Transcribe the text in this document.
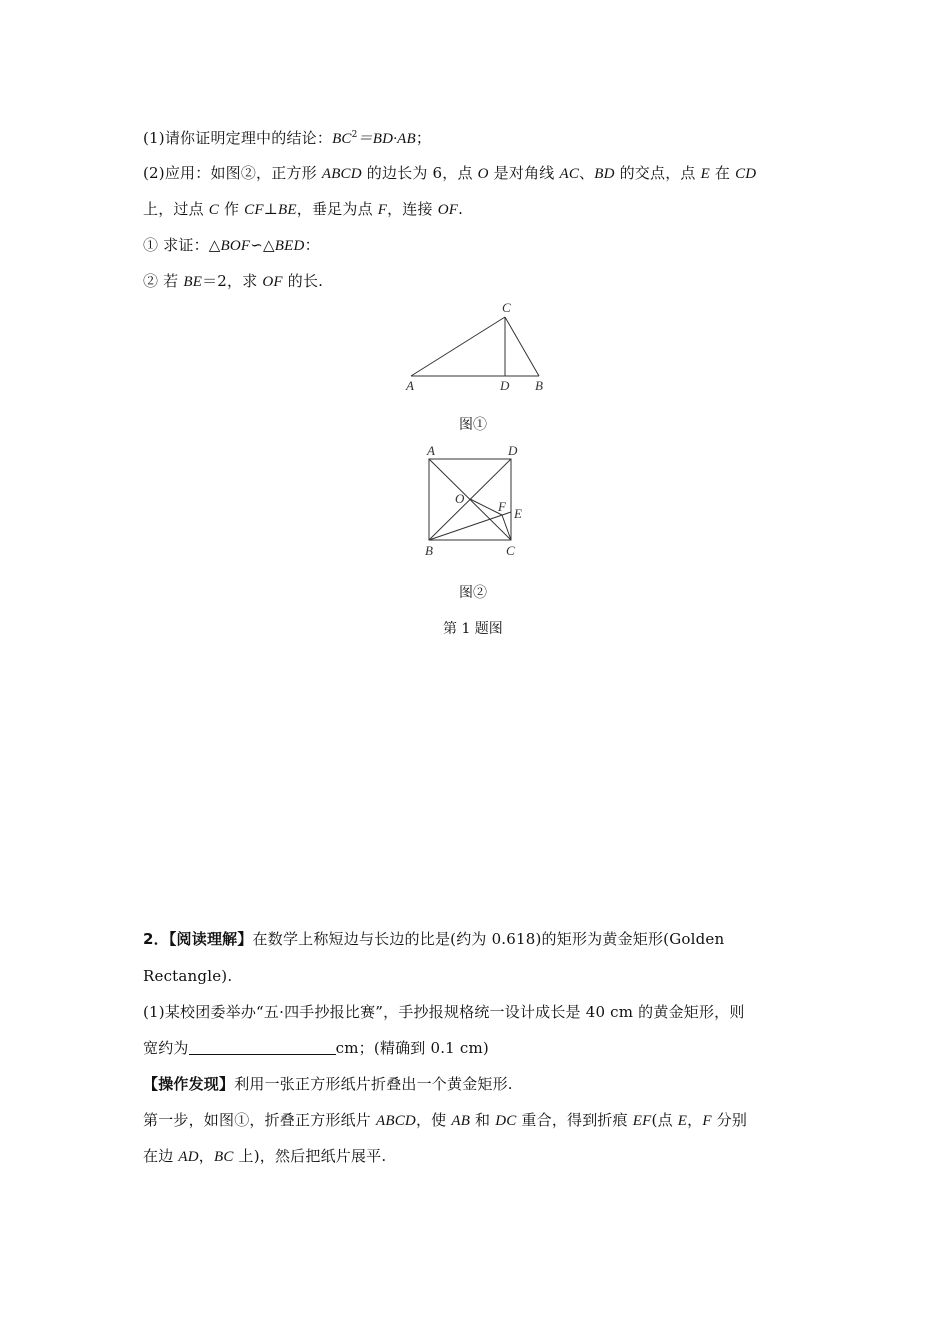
(1)请你证明定理中的结论：$BC^2=BD\cdot AB$；
(2)应用：如图②，正方形 ABCD 的边长为 6，点 O 是对角线 AC、BD 的交点，点 E 在 CD
上，过点 C 作 CF⊥BE，垂足为点 F，连接 OF.
① 求证：△BOF∽△BED：
② 若 BE＝2，求 OF 的长.
C
A	D B
图①
A	D
B	C
O
F E
图②
第 1 题图
2．【阅读理解】在数学上称短边与长边的比是(约为 0.618)的矩形为黄金矩形(Golden
Rectangle).
(1)某校团委举办“五·四手抄报比赛”，手抄报规格统一设计成长是 40 cm 的黄金矩形，则
宽约为	cm；(精确到 0.1 cm)
【操作发现】利用一张正方形纸片折叠出一个黄金矩形.
第一步，如图①，折叠正方形纸片 ABCD，使 AB 和 DC 重合，得到折痕 EF(点 E，F 分别
在边 AD，BC 上)，然后把纸片展平.
